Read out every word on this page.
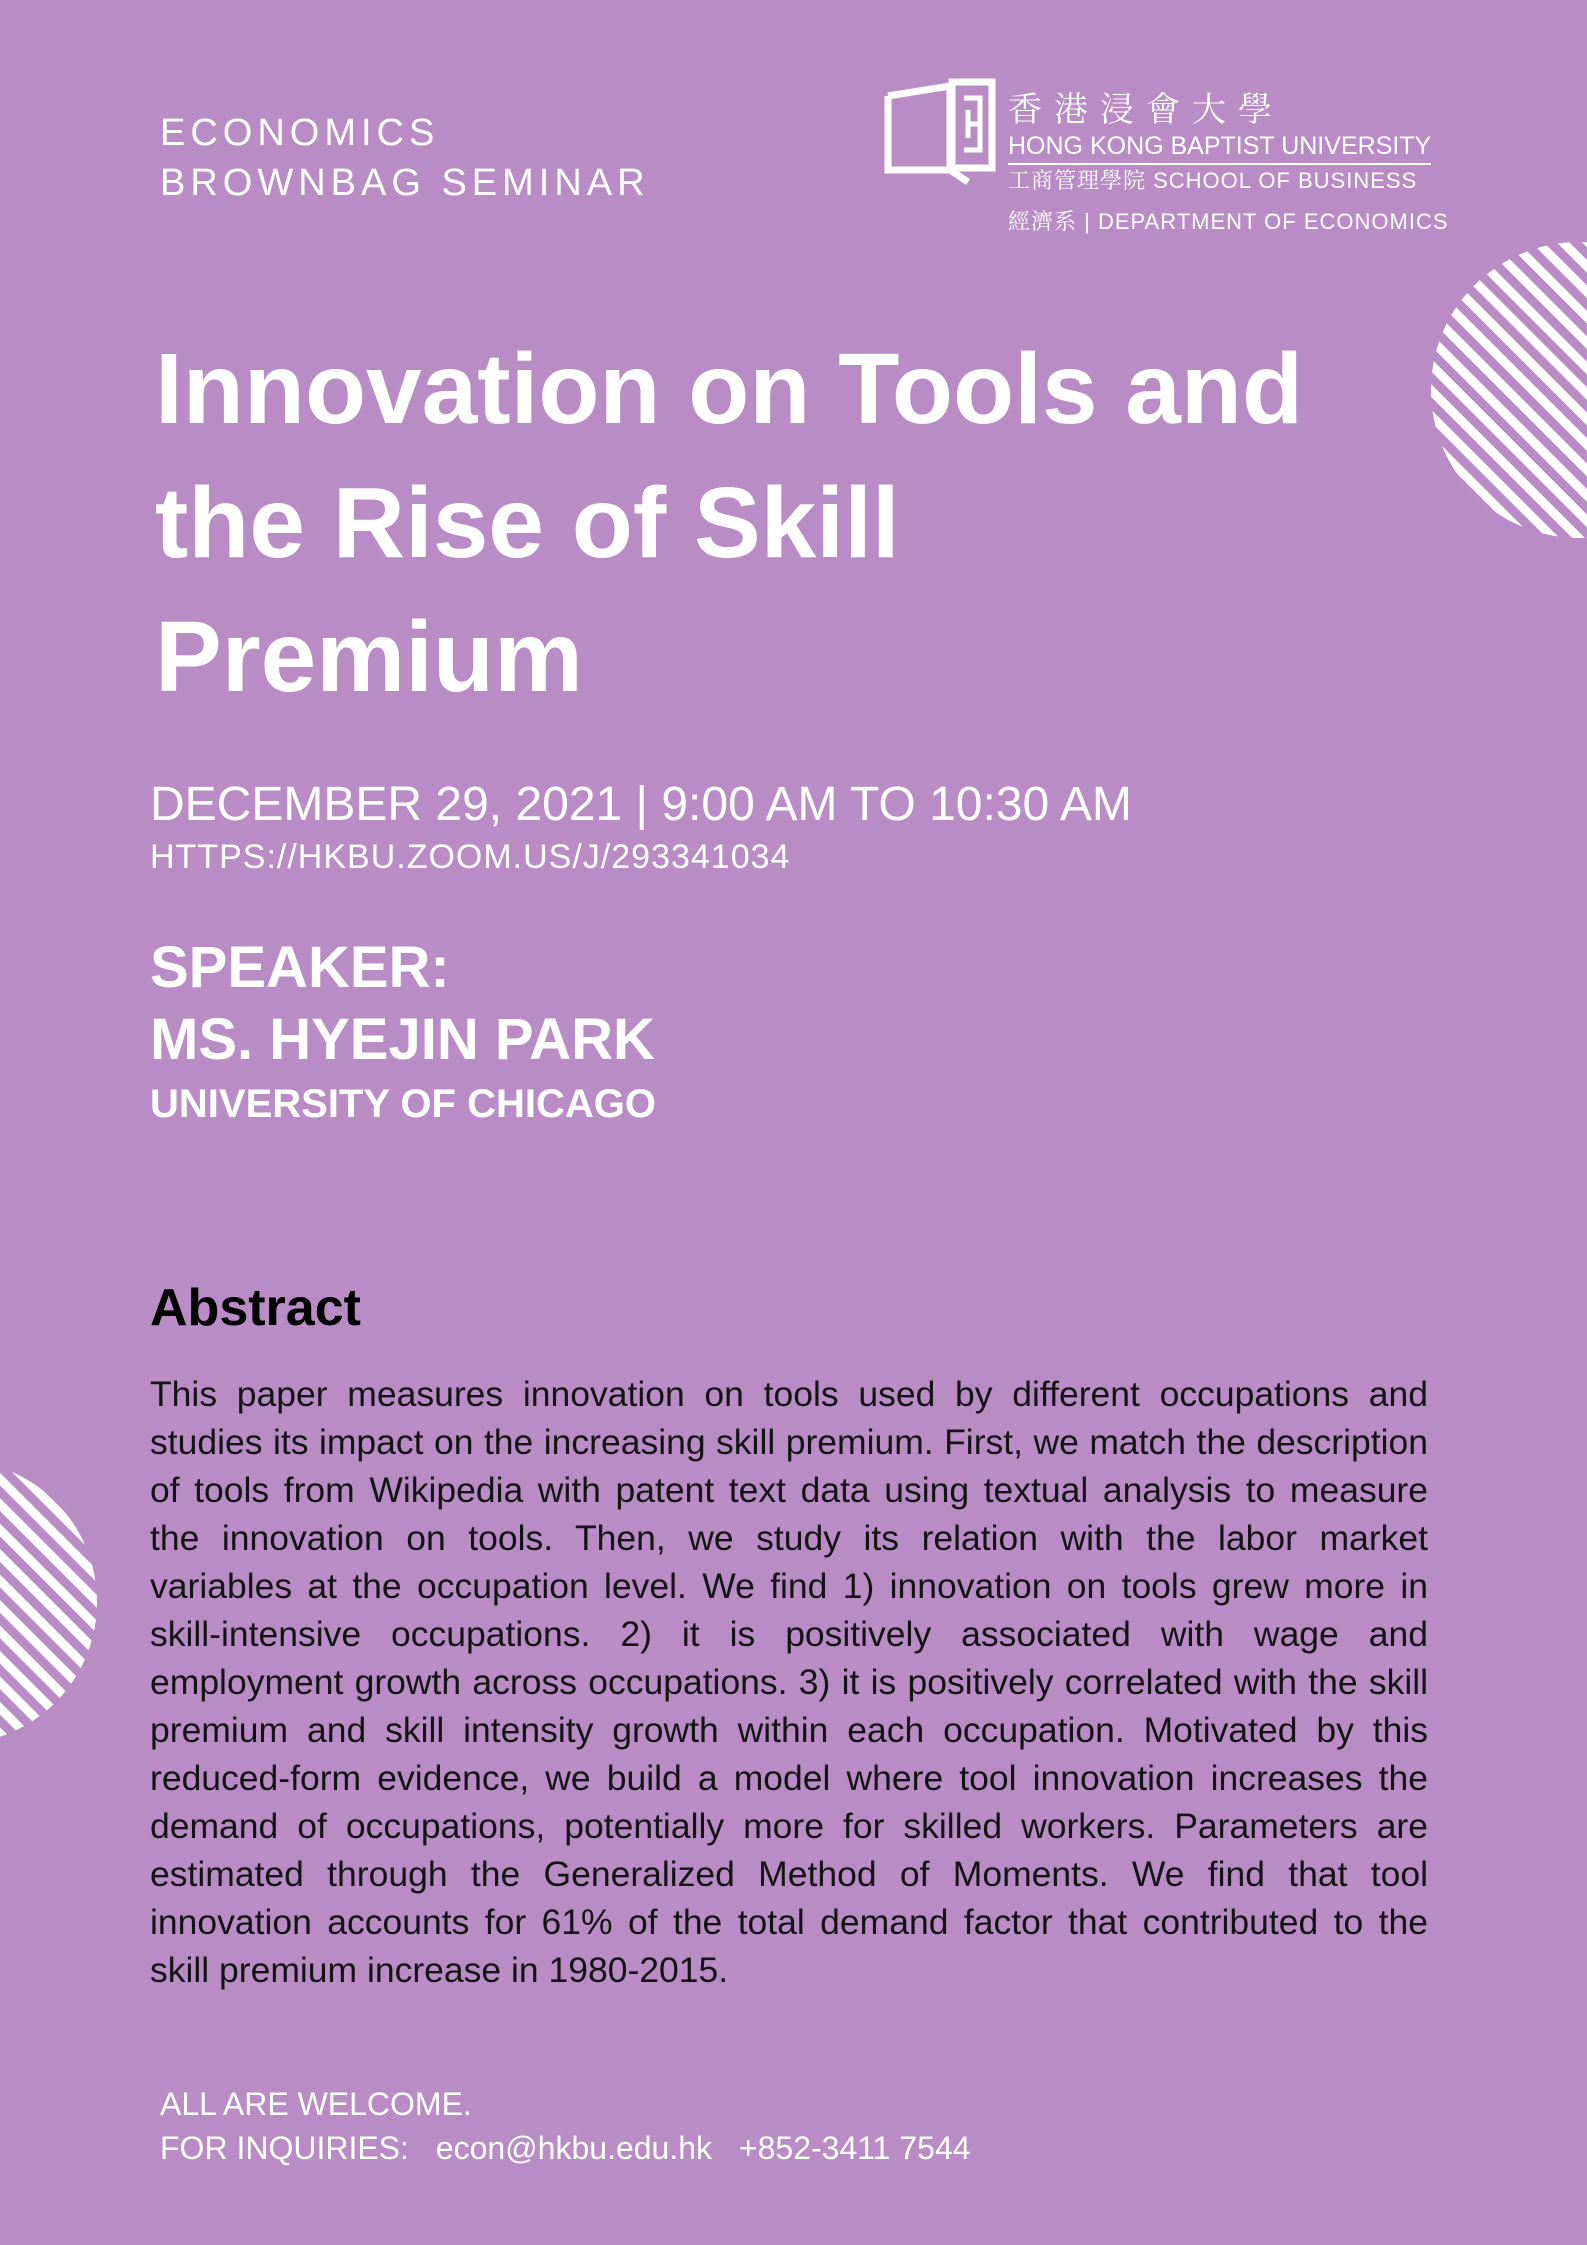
ECONOMICS
BROWNBAG SEMINAR
香港浸會大學
HONG KONG BAPTIST UNIVERSITY
工商管理學院 SCHOOL OF BUSINESS
經濟系 | DEPARTMENT OF ECONOMICS
Innovation on Tools and the Rise of Skill Premium
DECEMBER 29, 2021 | 9:00 AM TO 10:30 AM
HTTPS://HKBU.ZOOM.US/J/293341034
SPEAKER:
MS. HYEJIN PARK
UNIVERSITY OF CHICAGO
Abstract

This paper measures innovation on tools used by different occupations and studies its impact on the increasing skill premium. First, we match the description of tools from Wikipedia with patent text data using textual analysis to measure the innovation on tools. Then, we study its relation with the labor market variables at the occupation level. We find 1) innovation on tools grew more in skill-intensive occupations. 2) it is positively associated with wage and employment growth across occupations. 3) it is positively correlated with the skill premium and skill intensity growth within each occupation. Motivated by this reduced-form evidence, we build a model where tool innovation increases the demand of occupations, potentially more for skilled workers. Parameters are estimated through the Generalized Method of Moments. We find that tool innovation accounts for 61% of the total demand factor that contributed to the skill premium increase in 1980-2015.

ALL ARE WELCOME.
FOR INQUIRIES: econ@hkbu.edu.hk +852-3411 7544
